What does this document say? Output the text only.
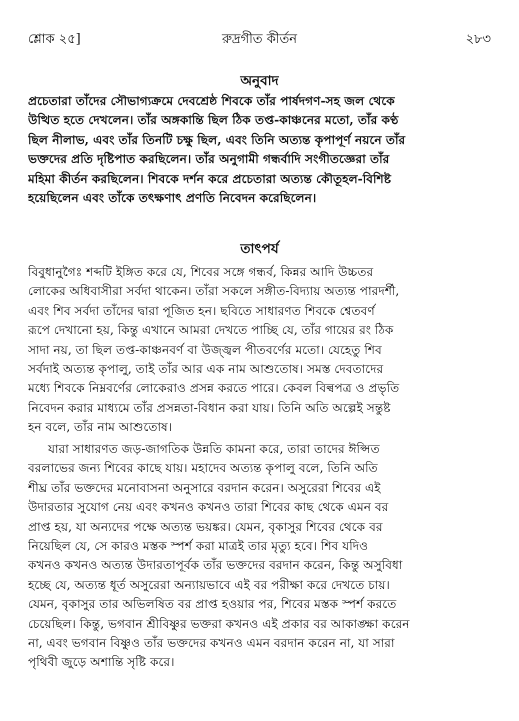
শ্লোক ২৫]	রুদ্রগীত কীর্তন	২৮৩
অনুবাদ
প্রচেতারা তাঁদের সৌভাগ্যক্রমে দেবশ্রেষ্ঠ শিবকে তাঁর পার্ষদগণ-সহ জল থেকে
উত্থিত হতে দেখলেন। তাঁর অঙ্গকান্তি ছিল ঠিক তপ্ত-কাঞ্চনের মতো, তাঁর কণ্ঠ
ছিল নীলাভ, এবং তাঁর তিনটি চক্ষু ছিল, এবং তিনি অত্যন্ত কৃপাপূর্ণ নয়নে তাঁর
ভক্তদের প্রতি দৃষ্টিপাত করছিলেন। তাঁর অনুগামী গন্ধর্বাদি সংগীতজ্ঞেরা তাঁর
মহিমা কীর্তন করছিলেন। শিবকে দর্শন করে প্রচেতারা অত্যন্ত কৌতূহল-বিশিষ্ট
হয়েছিলেন এবং তাঁকে তৎক্ষণাৎ প্রণতি নিবেদন করেছিলেন।
তাৎপর্য
বিবুধানুগৈঃ শব্দটি ইঙ্গিত করে যে, শিবের সঙ্গে গন্ধর্ব, কিন্নর আদি উচ্চতর
লোকের অধিবাসীরা সর্বদা থাকেন। তাঁরা সকলে সঙ্গীত-বিদ্যায় অত্যন্ত পারদর্শী,
এবং শিব সর্বদা তাঁদের দ্বারা পূজিত হন। ছবিতে সাধারণত শিবকে শ্বেতবর্ণ
রূপে দেখানো হয়, কিন্তু এখানে আমরা দেখতে পাচ্ছি যে, তাঁর গায়ের রং ঠিক
সাদা নয়, তা ছিল তপ্ত-কাঞ্চনবর্ণ বা উজ্জ্বল পীতবর্ণের মতো। যেহেতু শিব
সর্বদাই অত্যন্ত কৃপালু, তাই তাঁর আর এক নাম আশুতোষ। সমস্ত দেবতাদের
মধ্যে শিবকে নিম্নবর্ণের লোকেরাও প্রসন্ন করতে পারে। কেবল বিল্বপত্র ও প্রভৃতি
নিবেদন করার মাধ্যমে তাঁর প্রসন্নতা-বিধান করা যায়। তিনি অতি অল্পেই সন্তুষ্ট
হন বলে, তাঁর নাম আশুতোষ।
যারা সাধারণত জড়-জাগতিক উন্নতি কামনা করে, তারা তাদের ঈপ্সিত
বরলাভের জন্য শিবের কাছে যায়। মহাদেব অত্যন্ত কৃপালু বলে, তিনি অতি
শীঘ্র তাঁর ভক্তদের মনোবাসনা অনুসারে বরদান করেন। অসুরেরা শিবের এই
উদারতার সুযোগ নেয় এবং কখনও কখনও তারা শিবের কাছ থেকে এমন বর
প্রাপ্ত হয়, যা অন্যদের পক্ষে অত্যন্ত ভয়ঙ্কর। যেমন, বৃকাসুর শিবের থেকে বর
নিয়েছিল যে, সে কারও মস্তক স্পর্শ করা মাত্রই তার মৃত্যু হবে। শিব যদিও
কখনও কখনও অত্যন্ত উদারতাপূর্বক তাঁর ভক্তদের বরদান করেন, কিন্তু অসুবিধা
হচ্ছে যে, অত্যন্ত ধূর্ত অসুরেরা অন্যায়ভাবে এই বর পরীক্ষা করে দেখতে চায়।
যেমন, বৃকাসুর তার অভিলষিত বর প্রাপ্ত হওয়ার পর, শিবের মস্তক স্পর্শ করতে
চেয়েছিল। কিন্তু, ভগবান শ্রীবিষ্ণুর ভক্তরা কখনও এই প্রকার বর আকাঙ্ক্ষা করেন
না, এবং ভগবান বিষ্ণুও তাঁর ভক্তদের কখনও এমন বরদান করেন না, যা সারা
পৃথিবী জুড়ে অশান্তি সৃষ্টি করে।
